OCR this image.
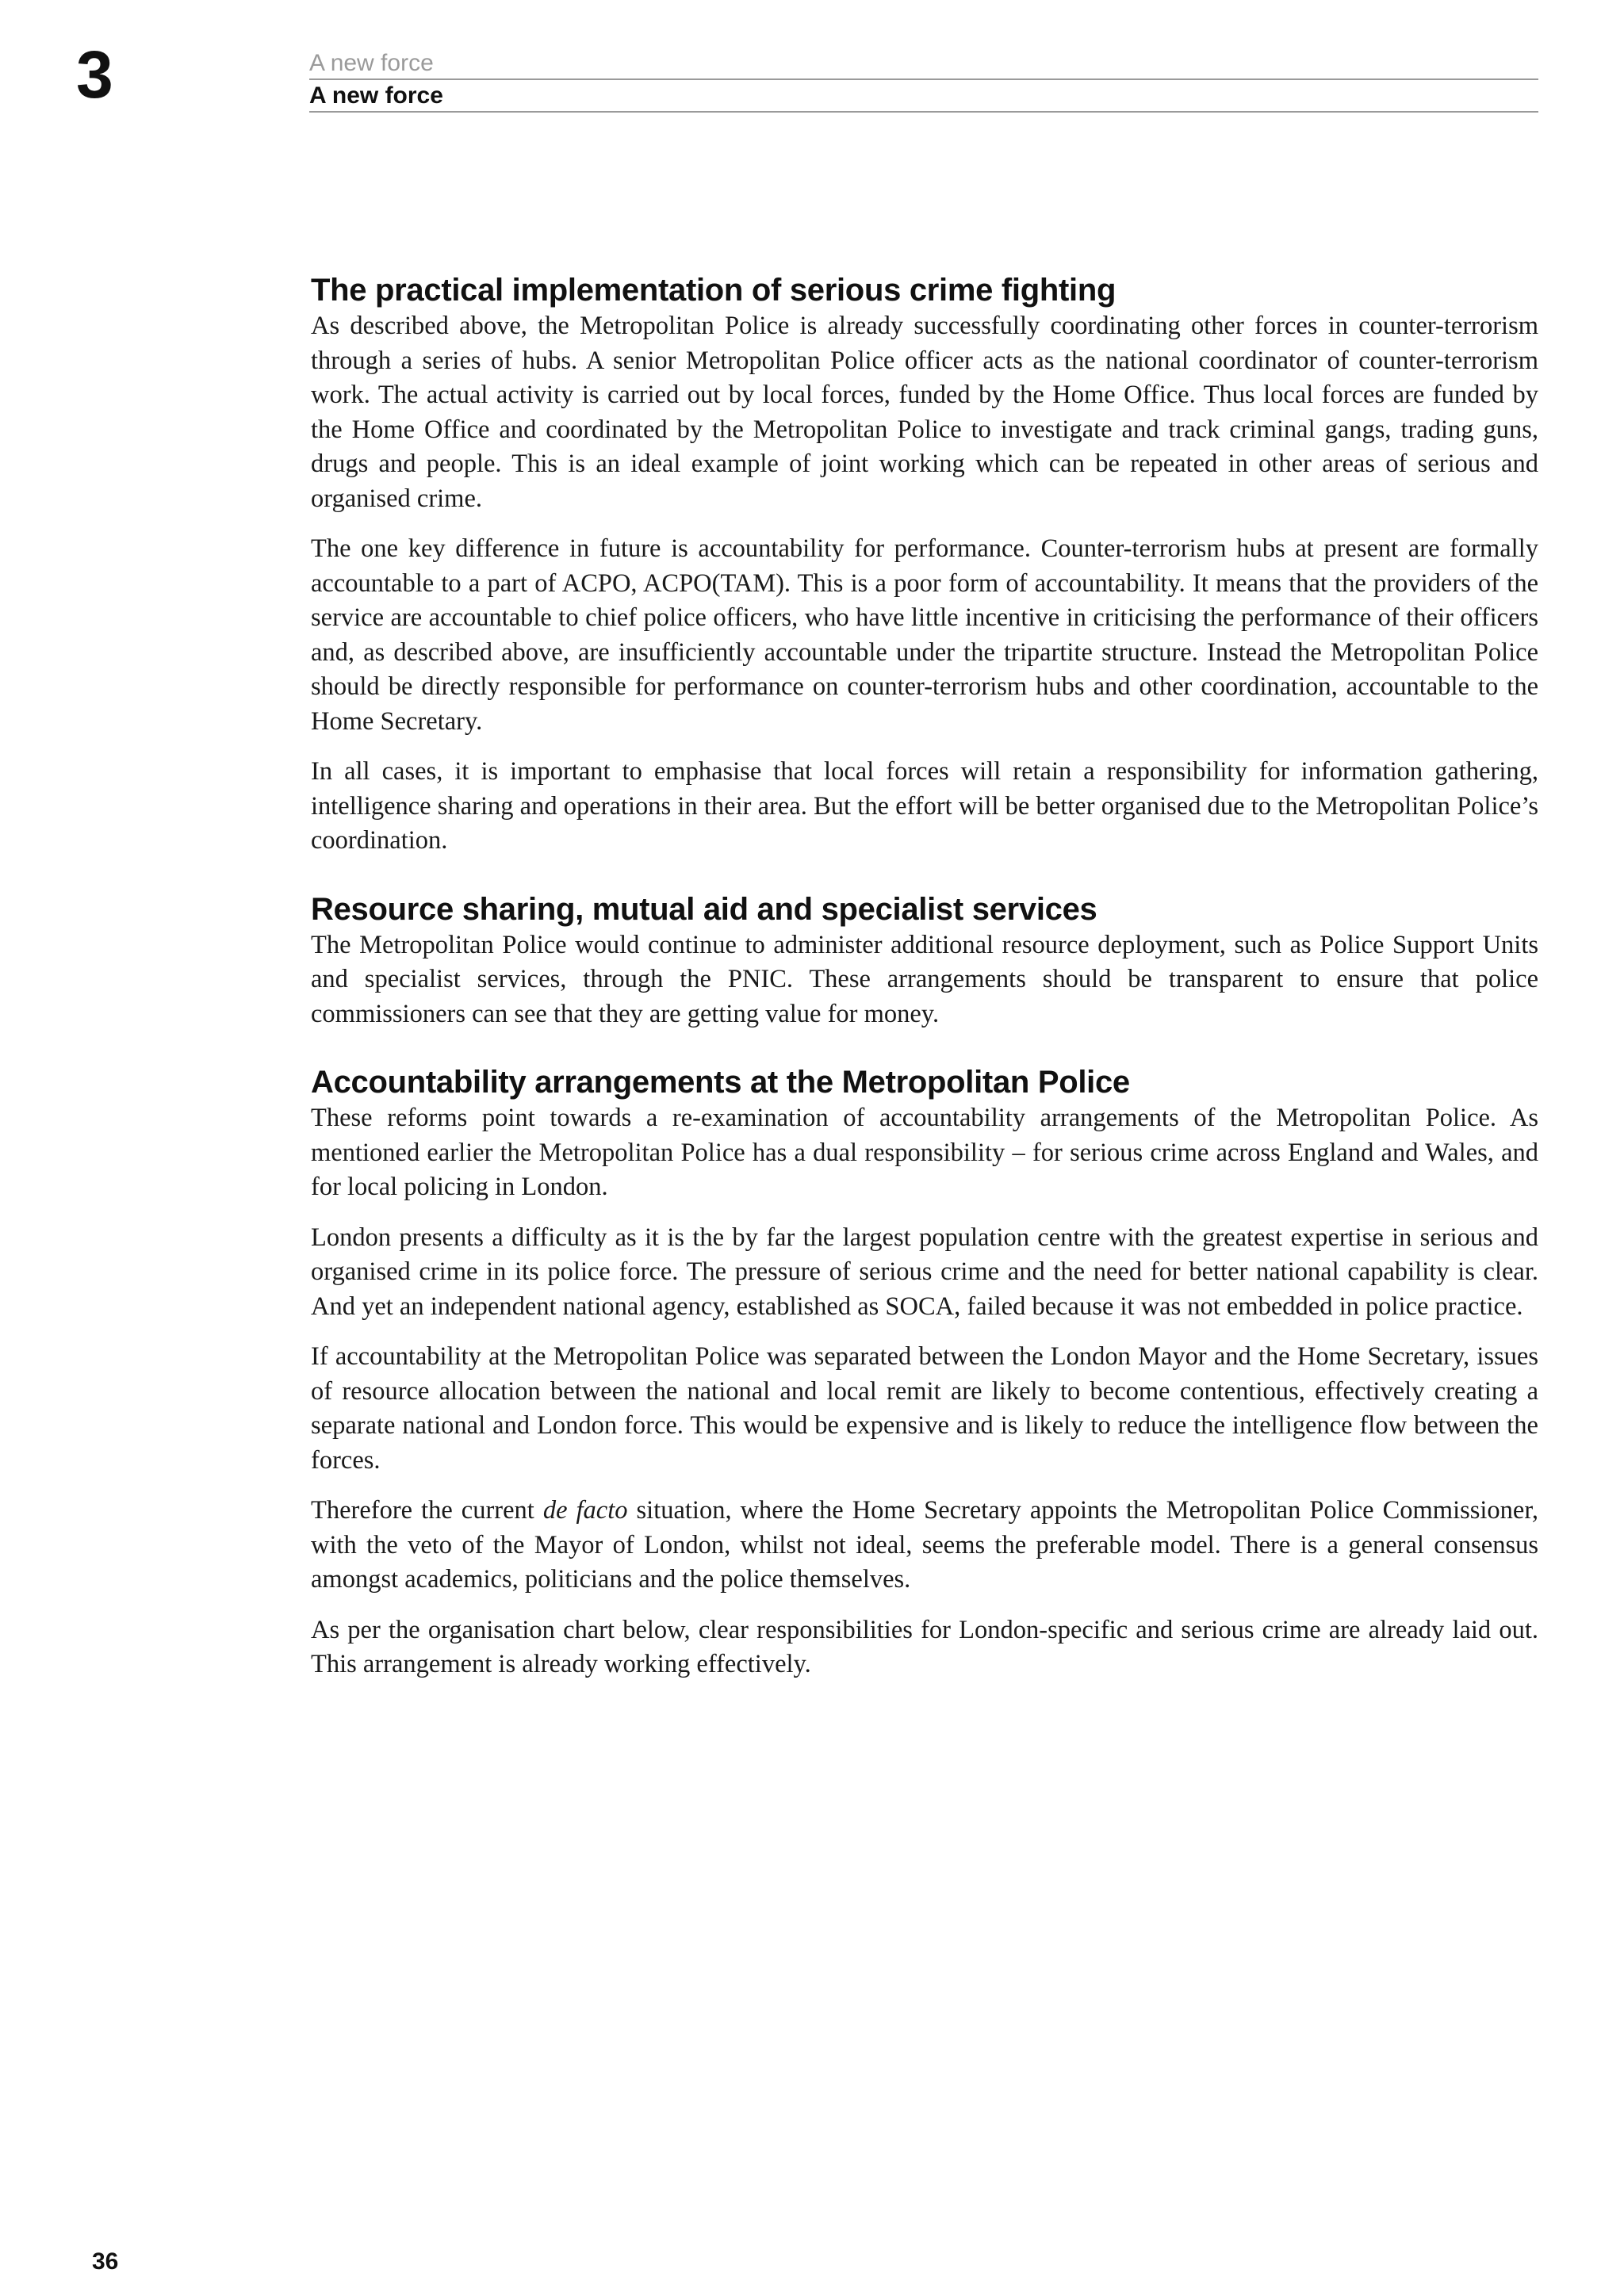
3	A new force
A new force
The practical implementation of serious crime fighting

As described above, the Metropolitan Police is already successfully coordinating other forces in counter-terrorism through a series of hubs. A senior Metropolitan Police officer acts as the national coordinator of counter-terrorism work. The actual activity is carried out by local forces, funded by the Home Office. Thus local forces are funded by the Home Office and coordinated by the Metropolitan Police to investigate and track criminal gangs, trading guns, drugs and people. This is an ideal example of joint working which can be repeated in other areas of serious and organised crime.

The one key difference in future is accountability for performance. Counter-terrorism hubs at present are formally accountable to a part of ACPO, ACPO(TAM). This is a poor form of accountability. It means that the providers of the service are accountable to chief police officers, who have little incentive in criticising the performance of their officers and, as described above, are insufficiently accountable under the tripartite structure. Instead the Metropolitan Police should be directly responsible for performance on counter-terrorism hubs and other coordination, accountable to the Home Secretary.

In all cases, it is important to emphasise that local forces will retain a responsibility for information gathering, intelligence sharing and operations in their area. But the effort will be better organised due to the Metropolitan Police’s coordination.

Resource sharing, mutual aid and specialist services

The Metropolitan Police would continue to administer additional resource deployment, such as Police Support Units and specialist services, through the PNIC. These arrangements should be transparent to ensure that police commissioners can see that they are getting value for money.

Accountability arrangements at the Metropolitan Police

These reforms point towards a re-examination of accountability arrangements of the Metropolitan Police. As mentioned earlier the Metropolitan Police has a dual responsibility – for serious crime across England and Wales, and for local policing in London.

London presents a difficulty as it is the by far the largest population centre with the greatest expertise in serious and organised crime in its police force. The pressure of serious crime and the need for better national capability is clear. And yet an independent national agency, established as SOCA, failed because it was not embedded in police practice.

If accountability at the Metropolitan Police was separated between the London Mayor and the Home Secretary, issues of resource allocation between the national and local remit are likely to become contentious, effectively creating a separate national and London force. This would be expensive and is likely to reduce the intelligence flow between the forces.

Therefore the current de facto situation, where the Home Secretary appoints the Metropolitan Police Commissioner, with the veto of the Mayor of London, whilst not ideal, seems the preferable model. There is a general consensus amongst academics, politicians and the police themselves.

As per the organisation chart below, clear responsibilities for London-specific and serious crime are already laid out. This arrangement is already working effectively.

36
